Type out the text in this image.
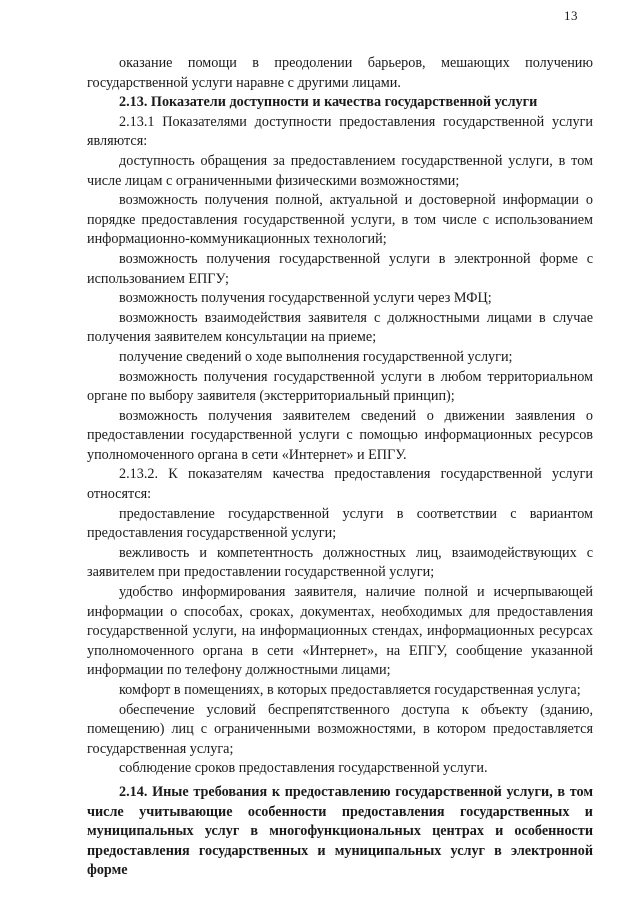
13

оказание помощи в преодолении барьеров, мешающих получению государственной услуги наравне с другими лицами.

2.13. Показатели доступности и качества государственной услуги

2.13.1 Показателями доступности предоставления государственной услуги являются:

доступность обращения за предоставлением государственной услуги, в том числе лицам с ограниченными физическими возможностями;

возможность получения полной, актуальной и достоверной информации о порядке предоставления государственной услуги, в том числе с использованием информационно-коммуникационных технологий;

возможность получения государственной услуги в электронной форме с использованием ЕПГУ;

возможность получения государственной услуги через МФЦ;

возможность взаимодействия заявителя с должностными лицами в случае получения заявителем консультации на приеме;

получение сведений о ходе выполнения государственной услуги;

возможность получения государственной услуги в любом территориальном органе по выбору заявителя (экстерриториальный принцип);

возможность получения заявителем сведений о движении заявления о предоставлении государственной услуги с помощью информационных ресурсов уполномоченного органа в сети «Интернет» и ЕПГУ.

2.13.2. К показателям качества предоставления государственной услуги относятся:

предоставление государственной услуги в соответствии с вариантом предоставления государственной услуги;

вежливость и компетентность должностных лиц, взаимодействующих с заявителем при предоставлении государственной услуги;

удобство информирования заявителя, наличие полной и исчерпывающей информации о способах, сроках, документах, необходимых для предоставления государственной услуги, на информационных стендах, информационных ресурсах уполномоченного органа в сети «Интернет», на ЕПГУ, сообщение указанной информации по телефону должностными лицами;

комфорт в помещениях, в которых предоставляется государственная услуга;

обеспечение условий беспрепятственного доступа к объекту (зданию, помещению) лиц с ограниченными возможностями, в котором предоставляется государственная услуга;

соблюдение сроков предоставления государственной услуги.

2.14. Иные требования к предоставлению государственной услуги, в том числе учитывающие особенности предоставления государственных и муниципальных услуг в многофункциональных центрах и особенности предоставления государственных и муниципальных услуг в электронной форме
